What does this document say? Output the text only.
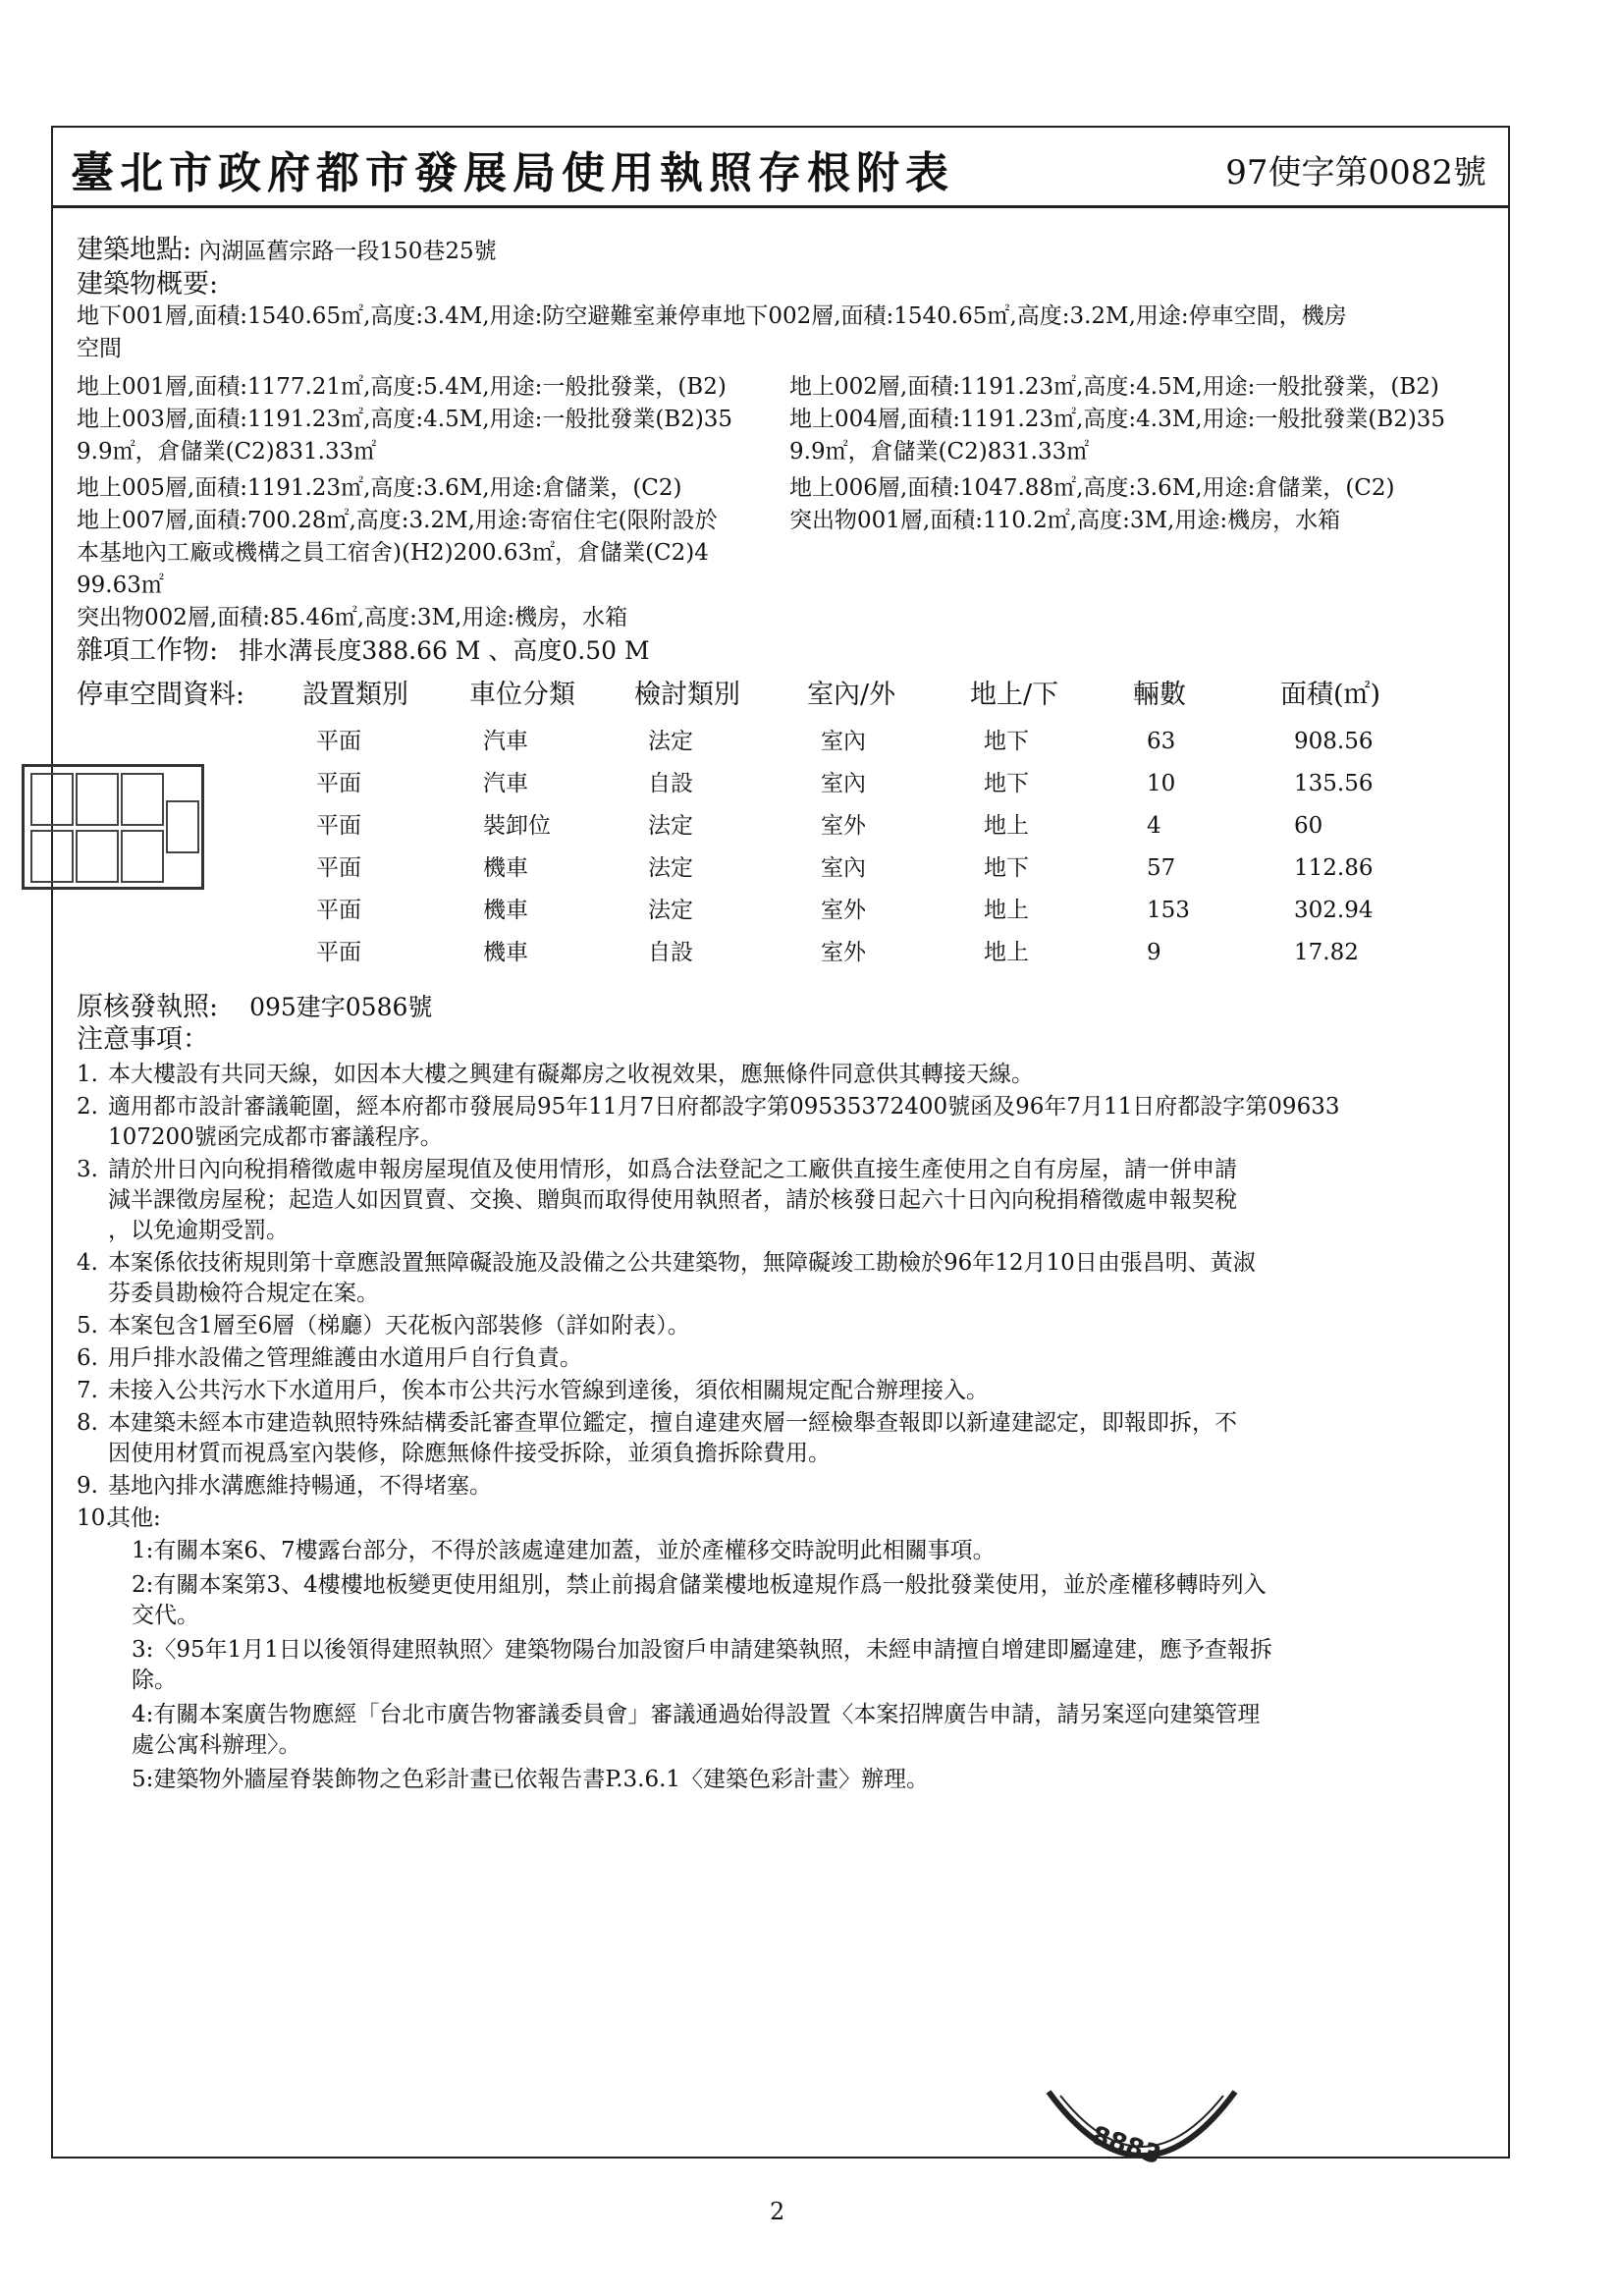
臺北市政府都市發展局使用執照存根附表	97使字第0082號
建築地點: 內湖區舊宗路一段150巷25號
建築物概要:
地下001層,面積:1540.65㎡,高度:3.4M,用途:防空避難室兼停車地下002層,面積:1540.65㎡,高度:3.2M,用途:停車空間，機房
空間
地上001層,面積:1177.21㎡,高度:5.4M,用途:一般批發業，(B2)	地上002層,面積:1191.23㎡,高度:4.5M,用途:一般批發業，(B2)
地上003層,面積:1191.23㎡,高度:4.5M,用途:一般批發業(B2)35	地上004層,面積:1191.23㎡,高度:4.3M,用途:一般批發業(B2)35
9.9㎡，倉儲業(C2)831.33㎡	9.9㎡，倉儲業(C2)831.33㎡
地上005層,面積:1191.23㎡,高度:3.6M,用途:倉儲業，(C2)	地上006層,面積:1047.88㎡,高度:3.6M,用途:倉儲業，(C2)
地上007層,面積:700.28㎡,高度:3.2M,用途:寄宿住宅(限附設於	突出物001層,面積:110.2㎡,高度:3M,用途:機房，水箱
本基地內工廠或機構之員工宿舍)(H2)200.63㎡，倉儲業(C2)4
99.63㎡
突出物002層,面積:85.46㎡,高度:3M,用途:機房，水箱
雜項工作物: 排水溝長度388.66 M 、高度0.50 M
停車空間資料: 設置類別 車位分類 檢討類別	室內/外	地上/下	輛數	面積(㎡)
平面	汽車	法定	室內	地下	63	908.56
平面	汽車	自設	室內	地下	10	135.56
平面	裝卸位	法定	室外	地上	4	60
平面	機車	法定	室內	地下	57	112.86
平面	機車	法定	室外	地上	153	302.94
平面	機車	自設	室外	地上	9	17.82
原核發執照: 095建字0586號
注意事項：
1. 本大樓設有共同天線，如因本大樓之興建有礙鄰房之收視效果，應無條件同意供其轉接天線。
2. 適用都市設計審議範圍，經本府都市發展局95年11月7日府都設字第09535372400號函及96年7月11日府都設字第09633
107200號函完成都市審議程序。
3. 請於卅日內向稅捐稽徵處申報房屋現值及使用情形，如爲合法登記之工廠供直接生產使用之自有房屋，請一併申請
減半課徵房屋稅；起造人如因買賣、交換、贈與而取得使用執照者，請於核發日起六十日內向稅捐稽徵處申報契稅
，以免逾期受罰。
4. 本案係依技術規則第十章應設置無障礙設施及設備之公共建築物，無障礙竣工勘檢於96年12月10日由張昌明、黃淑
芬委員勘檢符合規定在案。
5. 本案包含1層至6層（梯廳）天花板內部裝修（詳如附表）。
6. 用戶排水設備之管理維護由水道用戶自行負責。
7. 未接入公共污水下水道用戶，俟本市公共污水管線到達後，須依相關規定配合辦理接入。
8. 本建築未經本市建造執照特殊結構委託審查單位鑑定，擅自違建夾層一經檢舉查報即以新違建認定，即報即拆，不
因使用材質而視爲室內裝修，除應無條件接受拆除，並須負擔拆除費用。
9. 基地內排水溝應維持暢通，不得堵塞。
10.
其他:
1:有關本案6、7樓露台部分，不得於該處違建加蓋，並於產權移交時說明此相關事項。
2:有關本案第3、4樓樓地板變更使用組別，禁止前揭倉儲業樓地板違規作爲一般批發業使用，並於產權移轉時列入
交代。
3:〈95年1月1日以後領得建照執照〉建築物陽台加設窗戶申請建築執照，未經申請擅自增建即屬違建，應予查報拆
除。
4:有關本案廣告物應經「台北市廣告物審議委員會」審議通過始得設置〈本案招牌廣告申請，請另案逕向建築管理
處公寓科辦理〉。
5:建築物外牆屋脊裝飾物之色彩計畫已依報告書P.3.6.1〈建築色彩計畫〉辦理。
8883
2
